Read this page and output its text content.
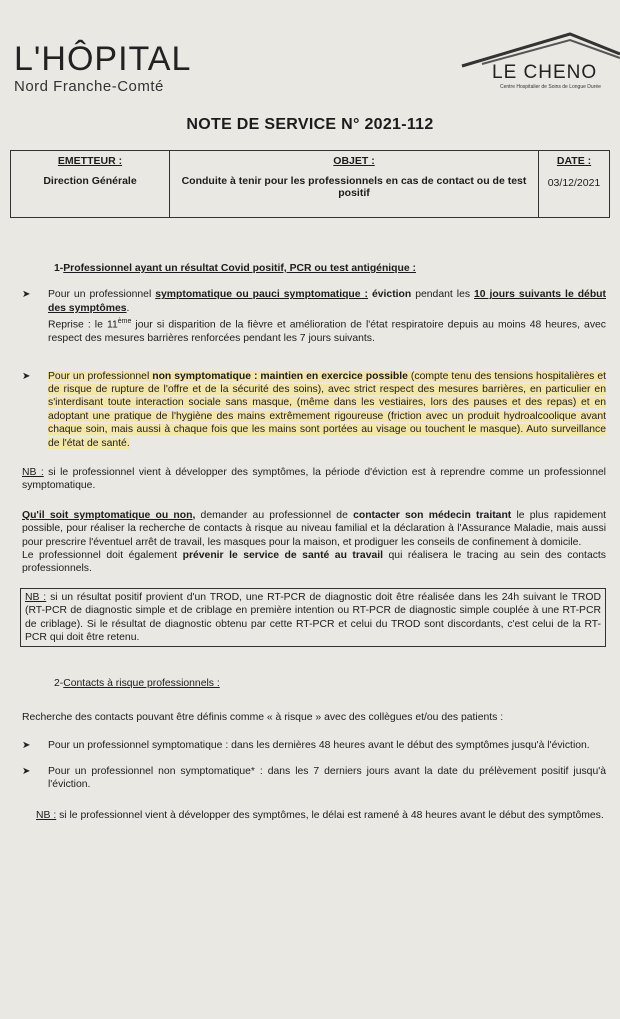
L'HÔPITAL
Nord Franche-Comté
LE CHENO
Centre Hospitalier de Soins de Longue Durée
NOTE DE SERVICE N° 2021-112
EMETTEUR :
Direction Générale	
OBJET :
Conduite à tenir pour les professionnels en cas de contact ou de test positif	
DATE :
03/12/2021

1-Professionnel ayant un résultat Covid positif, PCR ou test antigénique :

➤	Pour un professionnel symptomatique ou pauci symptomatique : éviction pendant les 10 jours suivants le début des symptômes.
Reprise : le 11ème jour si disparition de la fièvre et amélioration de l'état respiratoire depuis au moins 48 heures, avec respect des mesures barrières renforcées pendant les 7 jours suivants.
➤	Pour un professionnel non symptomatique : maintien en exercice possible (compte tenu des tensions hospitalières et de risque de rupture de l'offre et de la sécurité des soins), avec strict respect des mesures barrières, en particulier en s'interdisant toute interaction sociale sans masque, (même dans les vestiaires, lors des pauses et des repas) et en adoptant une pratique de l'hygiène des mains extrêmement rigoureuse (friction avec un produit hydroalcoolique avant chaque soin, mais aussi à chaque fois que les mains sont portées au visage ou touchent le masque). Auto surveillance de l'état de santé.

NB : si le professionnel vient à développer des symptômes, la période d'éviction est à reprendre comme un professionnel symptomatique.

Qu'il soit symptomatique ou non, demander au professionnel de contacter son médecin traitant le plus rapidement possible, pour réaliser la recherche de contacts à risque au niveau familial et la déclaration à l'Assurance Maladie, mais aussi pour prescrire l'éventuel arrêt de travail, les masques pour la maison, et prodiguer les conseils de confinement à domicile.

Le professionnel doit également prévenir le service de santé au travail qui réalisera le tracing au sein des contacts professionnels.

NB : si un résultat positif provient d'un TROD, une RT-PCR de diagnostic doit être réalisée dans les 24h suivant le TROD (RT-PCR de diagnostic simple et de criblage en première intention ou RT-PCR de diagnostic simple couplée à une RT-PCR de criblage). Si le résultat de diagnostic obtenu par cette RT-PCR et celui du TROD sont discordants, c'est celui de la RT-PCR qui doit être retenu.

2-Contacts à risque professionnels :

Recherche des contacts pouvant être définis comme « à risque » avec des collègues et/ou des patients :

➤	Pour un professionnel symptomatique : dans les dernières 48 heures avant le début des symptômes jusqu'à l'éviction.
➤	Pour un professionnel non symptomatique* : dans les 7 derniers jours avant la date du prélèvement positif jusqu'à l'éviction.

NB : si le professionnel vient à développer des symptômes, le délai est ramené à 48 heures avant le début des symptômes.
